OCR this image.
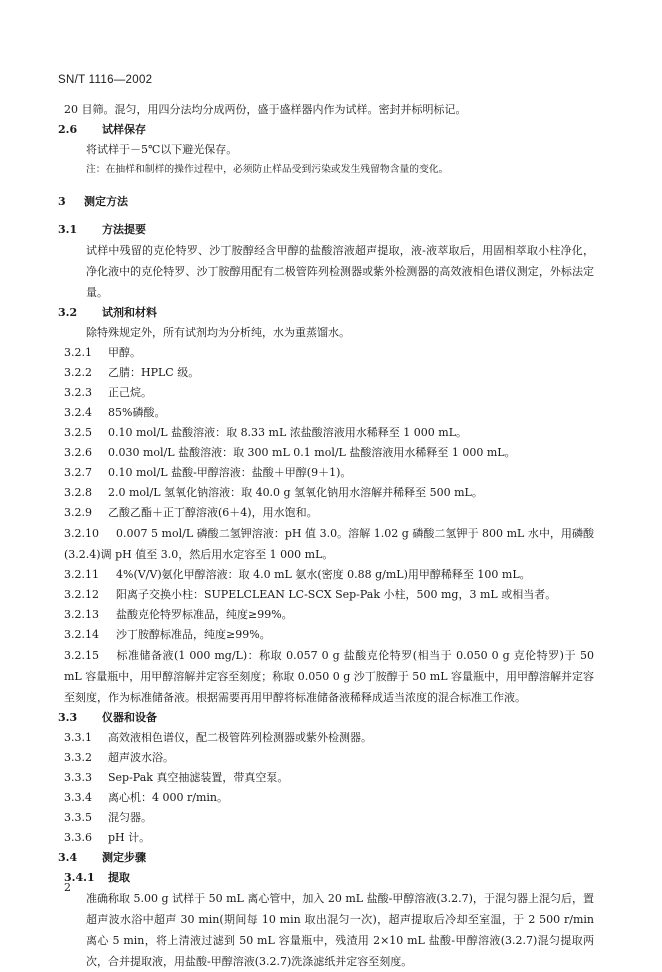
SN/T 1116—2002
20 目筛。混匀，用四分法均分成两份，盛于盛样器内作为试样。密封并标明标记。
2.6 试样保存
将试样于－5℃以下避光保存。
注：在抽样和制样的操作过程中，必须防止样品受到污染或发生残留物含量的变化。
3 测定方法
3.1 方法提要
试样中残留的克伦特罗、沙丁胺醇经含甲醇的盐酸溶液超声提取，液-液萃取后，用固相萃取小柱净化，净化液中的克伦特罗、沙丁胺醇用配有二极管阵列检测器或紫外检测器的高效液相色谱仪测定，外标法定量。
3.2 试剂和材料
除特殊规定外，所有试剂均为分析纯，水为重蒸馏水。
3.2.1 甲醇。
3.2.2 乙腈：HPLC 级。
3.2.3 正己烷。
3.2.4 85%磷酸。
3.2.5 0.10 mol/L 盐酸溶液：取 8.33 mL 浓盐酸溶液用水稀释至 1 000 mL。
3.2.6 0.030 mol/L 盐酸溶液：取 300 mL 0.1 mol/L 盐酸溶液用水稀释至 1 000 mL。
3.2.7 0.10 mol/L 盐酸-甲醇溶液：盐酸＋甲醇(9＋1)。
3.2.8 2.0 mol/L 氢氧化钠溶液：取 40.0 g 氢氧化钠用水溶解并稀释至 500 mL。
3.2.9 乙酸乙酯＋正丁醇溶液(6＋4)，用水饱和。
3.2.10 0.007 5 mol/L 磷酸二氢钾溶液：pH 值 3.0。溶解 1.02 g 磷酸二氢钾于 800 mL 水中，用磷酸(3.2.4)调 pH 值至 3.0，然后用水定容至 1 000 mL。
3.2.11 4%(V/V)氨化甲醇溶液：取 4.0 mL 氨水(密度 0.88 g/mL)用甲醇稀释至 100 mL。
3.2.12 阳离子交换小柱：SUPELCLEAN LC-SCX Sep-Pak 小柱，500 mg，3 mL 或相当者。
3.2.13 盐酸克伦特罗标准品，纯度≥99%。
3.2.14 沙丁胺醇标准品，纯度≥99%。
3.2.15 标准储备液(1 000 mg/L)：称取 0.057 0 g 盐酸克伦特罗(相当于 0.050 0 g 克伦特罗)于 50 mL 容量瓶中，用甲醇溶解并定容至刻度；称取 0.050 0 g 沙丁胺醇于 50 mL 容量瓶中，用甲醇溶解并定容至刻度，作为标准储备液。根据需要再用甲醇将标准储备液稀释成适当浓度的混合标准工作液。
3.3 仪器和设备
3.3.1 高效液相色谱仪，配二极管阵列检测器或紫外检测器。
3.3.2 超声波水浴。
3.3.3 Sep-Pak 真空抽滤装置，带真空泵。
3.3.4 离心机：4 000 r/min。
3.3.5 混匀器。
3.3.6 pH 计。
3.4 测定步骤
3.4.1 提取
准确称取 5.00 g 试样于 50 mL 离心管中，加入 20 mL 盐酸-甲醇溶液(3.2.7)，于混匀器上混匀后，置超声波水浴中超声 30 min(期间每 10 min 取出混匀一次)，超声提取后冷却至室温，于 2 500 r/min 离心 5 min，将上清液过滤到 50 mL 容量瓶中，残渣用 2×10 mL 盐酸-甲醇溶液(3.2.7)混匀提取两次，合并提取液，用盐酸-甲醇溶液(3.2.7)洗涤滤纸并定容至刻度。
2
